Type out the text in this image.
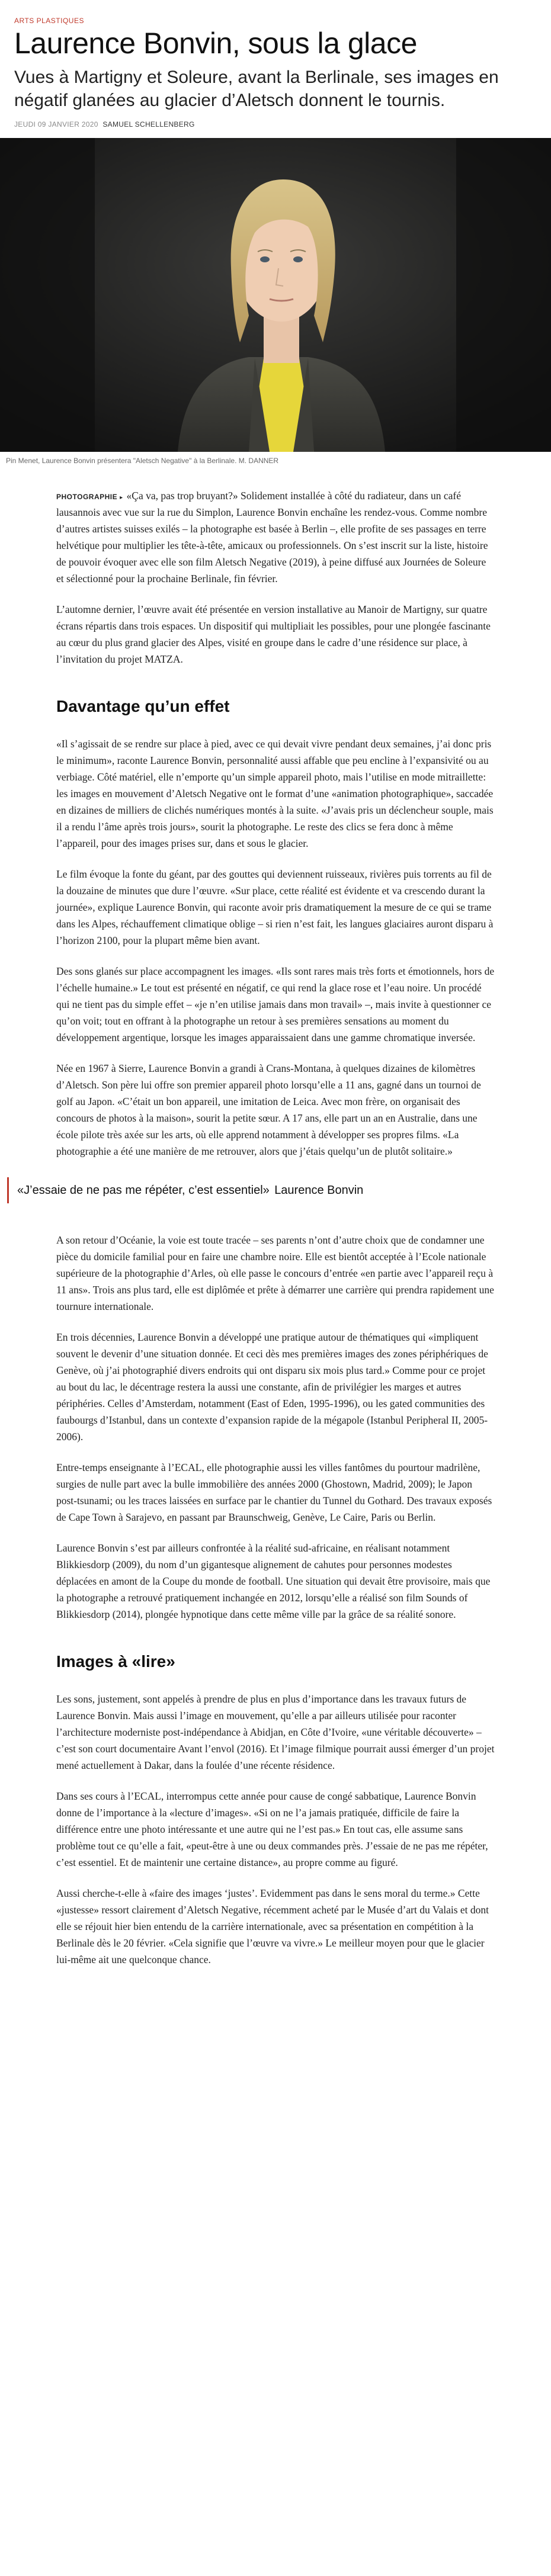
ARTS PLASTIQUES
Laurence Bonvin, sous la glace

Vues à Martigny et Soleure, avant la Berlinale, ses images en négatif glanées au glacier d’Aletsch donnent le tournis.

JEUDI 09 JANVIER 2020 SAMUEL SCHELLENBERG

Pin Menet, Laurence Bonvin présentera "Aletsch Negative" à la Berlinale. M. DANNER

PHOTOGRAPHIE ▸ «Ça va, pas trop bruyant?» Solidement installée à côté du radiateur, dans un café lausannois avec vue sur la rue du Simplon, Laurence Bonvin enchaîne les rendez-vous. Comme nombre d’autres artistes suisses exilés – la photographe est basée à Berlin –, elle profite de ses passages en terre helvétique pour multiplier les tête-à-tête, amicaux ou professionnels. On s’est inscrit sur la liste, histoire de pouvoir évoquer avec elle son film Aletsch Negative (2019), à peine diffusé aux Journées de Soleure et sélectionné pour la prochaine Berlinale, fin février.

L’automne dernier, l’œuvre avait été présentée en version installative au Manoir de Martigny, sur quatre écrans répartis dans trois espaces. Un dispositif qui multipliait les possibles, pour une plongée fascinante au cœur du plus grand glacier des Alpes, visité en groupe dans le cadre d’une résidence sur place, à l’invitation du projet MATZA.

Davantage qu’un effet

«Il s’agissait de se rendre sur place à pied, avec ce qui devait vivre pendant deux semaines, j’ai donc pris le minimum», raconte Laurence Bonvin, personnalité aussi affable que peu encline à l’expansivité ou au verbiage. Côté matériel, elle n’emporte qu’un simple appareil photo, mais l’utilise en mode mitraillette: les images en mouvement d’Aletsch Negative ont le format d’une «animation photographique», saccadée en dizaines de milliers de clichés numériques montés à la suite. «J’avais pris un déclencheur souple, mais il a rendu l’âme après trois jours», sourit la photographe. Le reste des clics se fera donc à même l’appareil, pour des images prises sur, dans et sous le glacier.

Le film évoque la fonte du géant, par des gouttes qui deviennent ruisseaux, rivières puis torrents au fil de la douzaine de minutes que dure l’œuvre. «Sur place, cette réalité est évidente et va crescendo durant la journée», explique Laurence Bonvin, qui raconte avoir pris dramatiquement la mesure de ce qui se trame dans les Alpes, réchauffement climatique oblige – si rien n’est fait, les langues glaciaires auront disparu à l’horizon 2100, pour la plupart même bien avant.

Des sons glanés sur place accompagnent les images. «Ils sont rares mais très forts et émotionnels, hors de l’échelle humaine.» Le tout est présenté en négatif, ce qui rend la glace rose et l’eau noire. Un procédé qui ne tient pas du simple effet – «je n’en utilise jamais dans mon travail» –, mais invite à questionner ce qu’on voit; tout en offrant à la photographe un retour à ses premières sensations au moment du développement argentique, lorsque les images apparaissaient dans une gamme chromatique inversée.

Née en 1967 à Sierre, Laurence Bonvin a grandi à Crans-Montana, à quelques dizaines de kilomètres d’Aletsch. Son père lui offre son premier appareil photo lorsqu’elle a 11 ans, gagné dans un tournoi de golf au Japon. «C’était un bon appareil, une imitation de Leica. Avec mon frère, on organisait des concours de photos à la maison», sourit la petite sœur. A 17 ans, elle part un an en Australie, dans une école pilote très axée sur les arts, où elle apprend notamment à développer ses propres films. «La photographie a été une manière de me retrouver, alors que j’étais quelqu’un de plutôt solitaire.»

«J’essaie de ne pas me répéter, c’est essentiel» Laurence Bonvin

A son retour d’Océanie, la voie est toute tracée – ses parents n’ont d’autre choix que de condamner une pièce du domicile familial pour en faire une chambre noire. Elle est bientôt acceptée à l’Ecole nationale supérieure de la photographie d’Arles, où elle passe le concours d’entrée «en partie avec l’appareil reçu à 11 ans». Trois ans plus tard, elle est diplômée et prête à démarrer une carrière qui prendra rapidement une tournure internationale.

En trois décennies, Laurence Bonvin a développé une pratique autour de thématiques qui «impliquent souvent le devenir d’une situation donnée. Et ceci dès mes premières images des zones périphériques de Genève, où j’ai photographié divers endroits qui ont disparu six mois plus tard.» Comme pour ce projet au bout du lac, le décentrage restera la aussi une constante, afin de privilégier les marges et autres périphéries. Celles d’Amsterdam, notamment (East of Eden, 1995-1996), ou les gated communities des faubourgs d’Istanbul, dans un contexte d’expansion rapide de la mégapole (Istanbul Peripheral II, 2005-2006).

Entre-temps enseignante à l’ECAL, elle photographie aussi les villes fantômes du pourtour madrilène, surgies de nulle part avec la bulle immobilière des années 2000 (Ghostown, Madrid, 2009); le Japon post-tsunami; ou les traces laissées en surface par le chantier du Tunnel du Gothard. Des travaux exposés de Cape Town à Sarajevo, en passant par Braunschweig, Genève, Le Caire, Paris ou Berlin.

Laurence Bonvin s’est par ailleurs confrontée à la réalité sud-africaine, en réalisant notamment Blikkiesdorp (2009), du nom d’un gigantesque alignement de cahutes pour personnes modestes déplacées en amont de la Coupe du monde de football. Une situation qui devait être provisoire, mais que la photographe a retrouvé pratiquement inchangée en 2012, lorsqu’elle a réalisé son film Sounds of Blikkiesdorp (2014), plongée hypnotique dans cette même ville par la grâce de sa réalité sonore.

Images à «lire»

Les sons, justement, sont appelés à prendre de plus en plus d’importance dans les travaux futurs de Laurence Bonvin. Mais aussi l’image en mouvement, qu’elle a par ailleurs utilisée pour raconter l’architecture moderniste post-indépendance à Abidjan, en Côte d’Ivoire, «une véritable découverte» – c’est son court documentaire Avant l’envol (2016). Et l’image filmique pourrait aussi émerger d’un projet mené actuellement à Dakar, dans la foulée d’une récente résidence.

Dans ses cours à l’ECAL, interrompus cette année pour cause de congé sabbatique, Laurence Bonvin donne de l’importance à la «lecture d’images». «Si on ne l’a jamais pratiquée, difficile de faire la différence entre une photo intéressante et une autre qui ne l’est pas.» En tout cas, elle assume sans problème tout ce qu’elle a fait, «peut-être à une ou deux commandes près. J’essaie de ne pas me répéter, c’est essentiel. Et de maintenir une certaine distance», au propre comme au figuré.

Aussi cherche-t-elle à «faire des images ‘justes’. Evidemment pas dans le sens moral du terme.» Cette «justesse» ressort clairement d’Aletsch Negative, récemment acheté par le Musée d’art du Valais et dont elle se réjouit hier bien entendu de la carrière internationale, avec sa présentation en compétition à la Berlinale dès le 20 février. «Cela signifie que l’œuvre va vivre.» Le meilleur moyen pour que le glacier lui-même ait une quelconque chance.
